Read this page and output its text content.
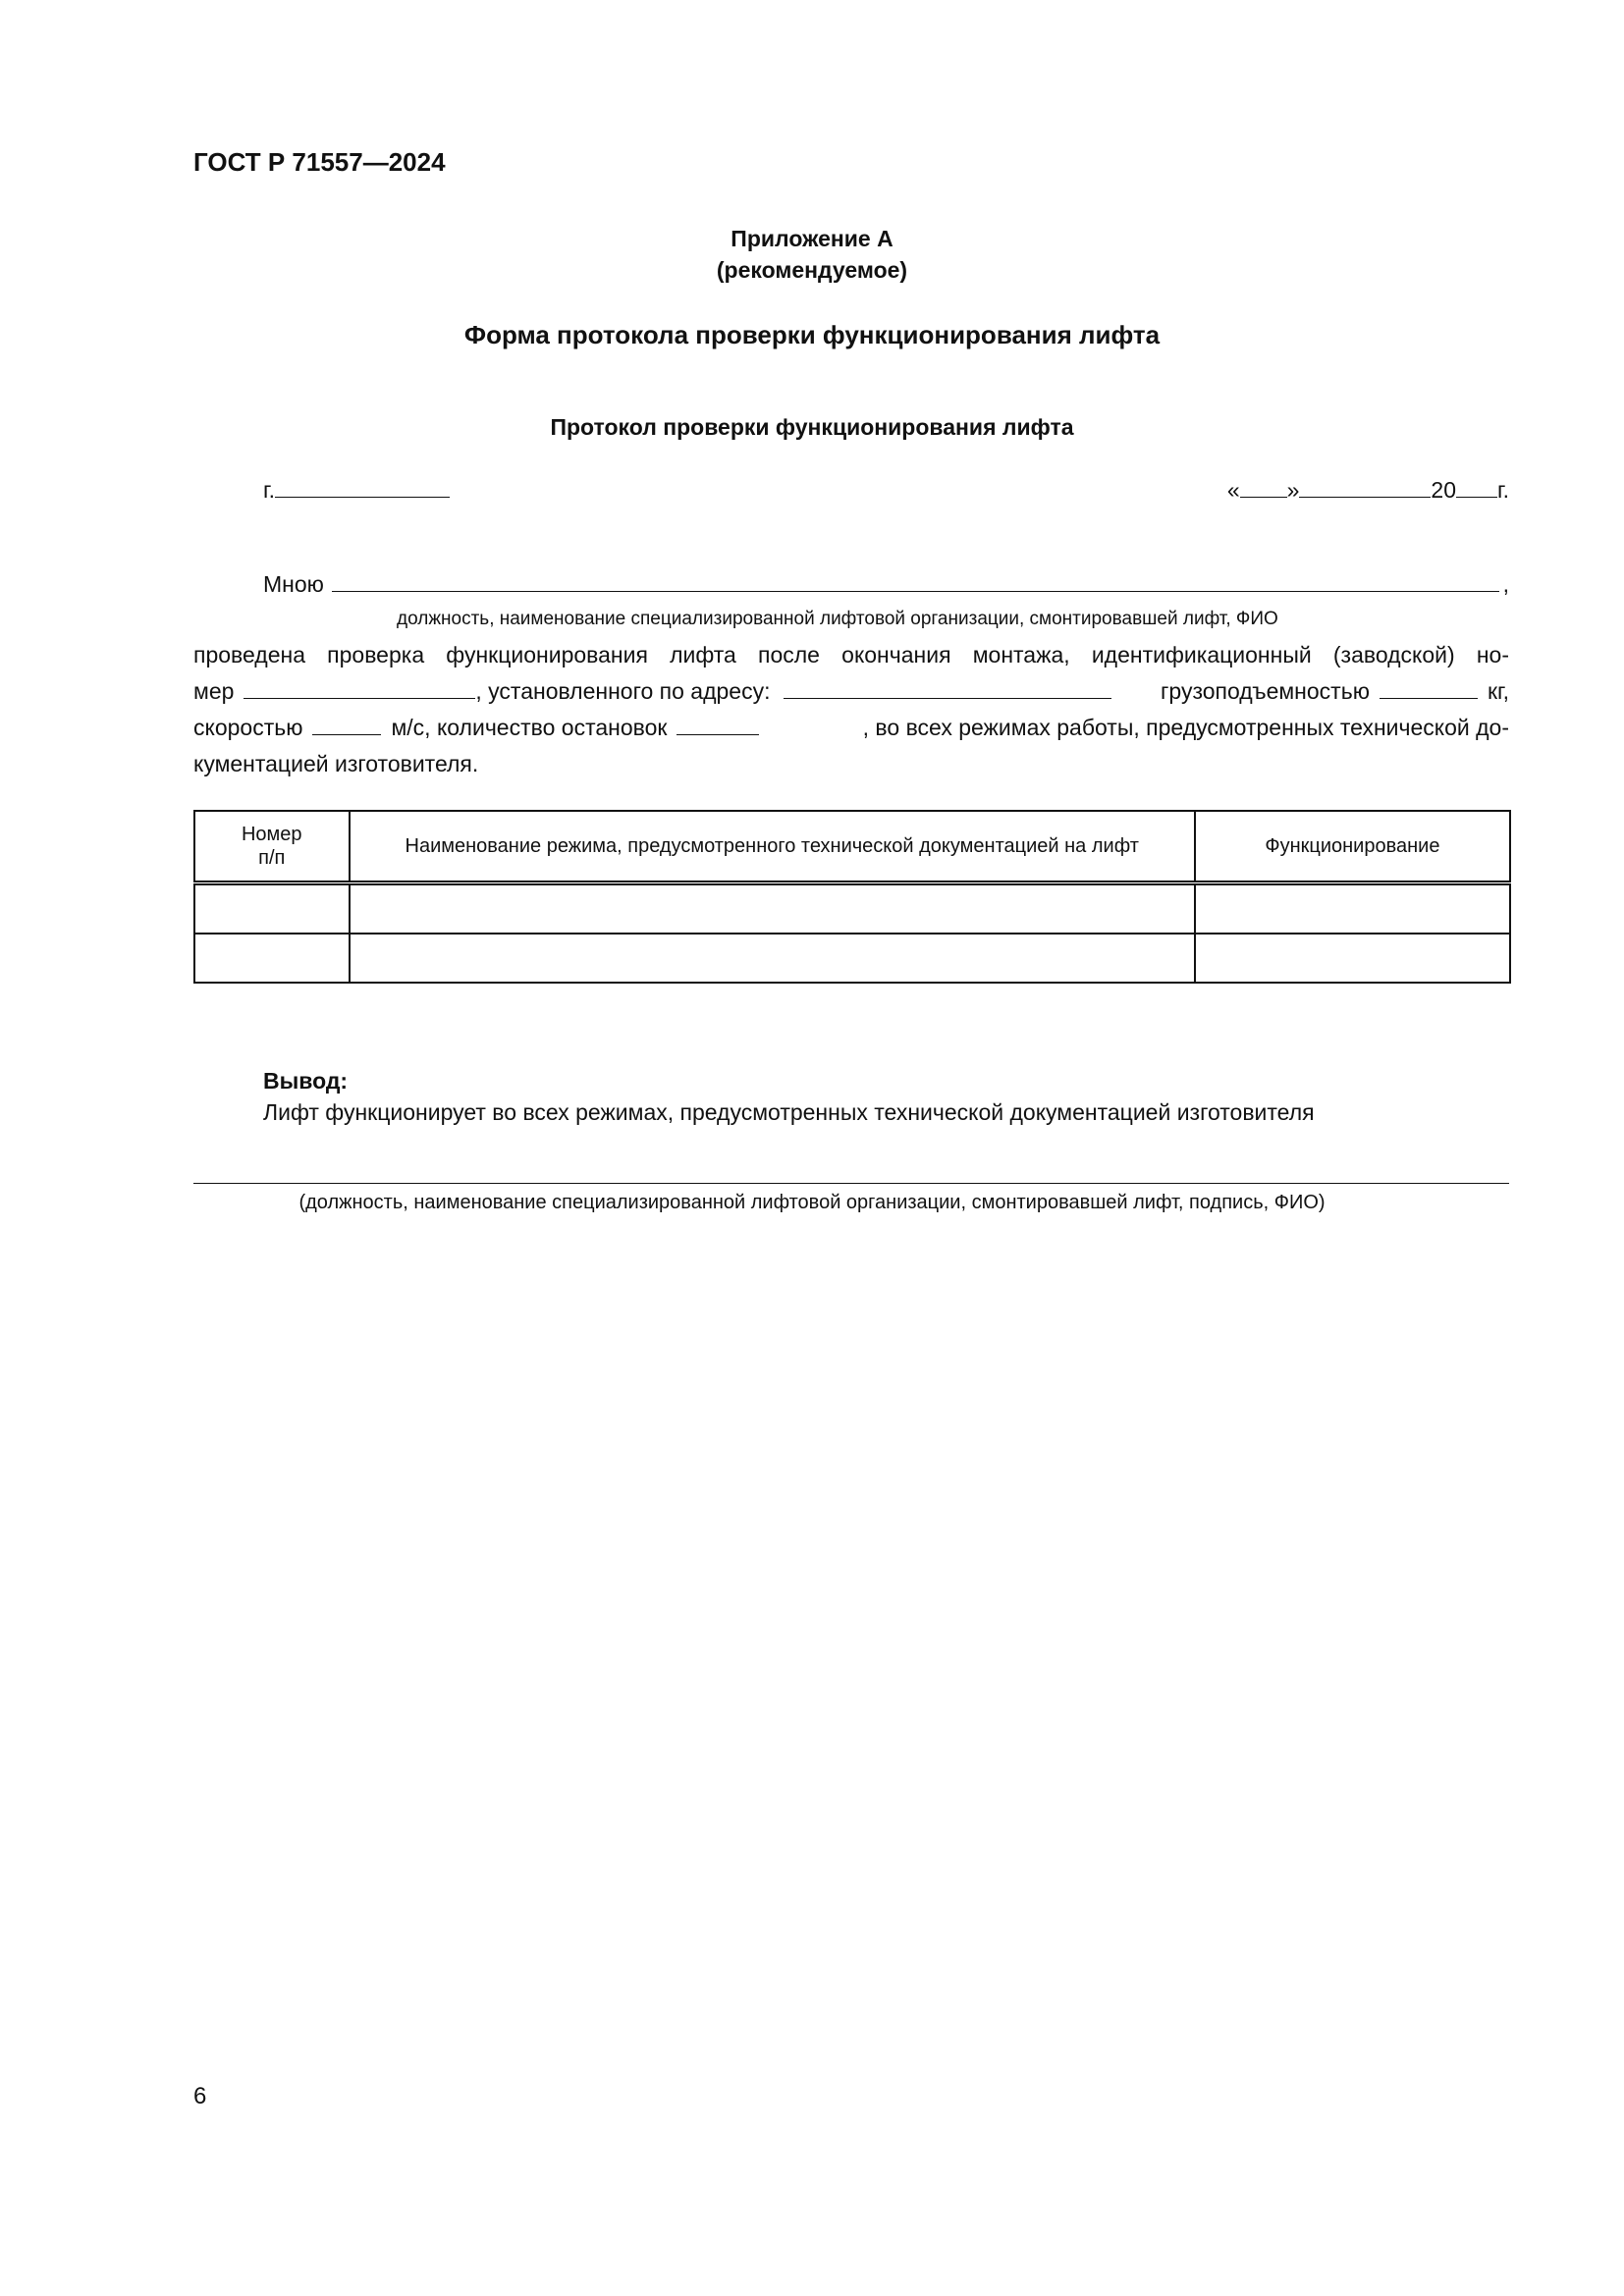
ГОСТ Р 71557—2024
Приложение А
(рекомендуемое)
Форма протокола проверки функционирования лифта
Протокол проверки функционирования лифта
г.	« »	20 г.
Мною	,
должность, наименование специализированной лифтовой организации, смонтировавшей лифт, ФИО
проведена проверка функционирования лифта после окончания монтажа, идентификационный (заводской) но-
мер	, установленного по адресу:	грузоподъемностью	кг,
скоростью	м/с, количество остановок	, во всех режимах работы, предусмотренных технической до-
кументацией изготовителя.
Номер п/п	Наименование режима, предусмотренного технической документацией на лифт	Функционирование

Вывод:
Лифт функционирует во всех режимах, предусмотренных технической документацией изготовителя
(должность, наименование специализированной лифтовой организации, смонтировавшей лифт, подпись, ФИО)
6
